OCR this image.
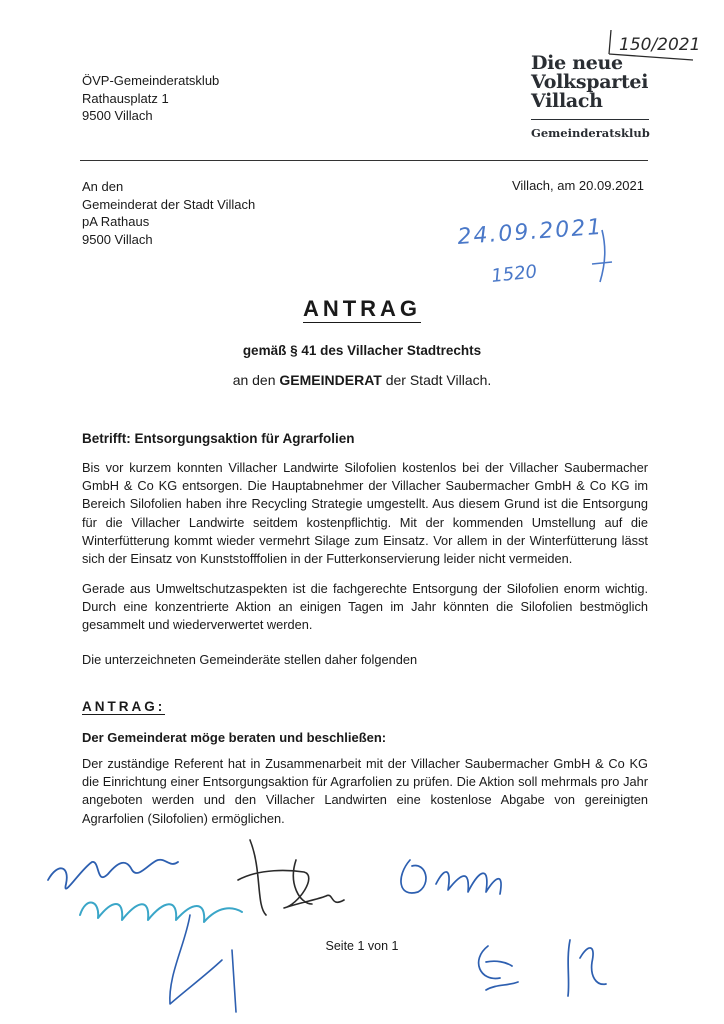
ÖVP-Gemeinderatsklub
Rathausplatz 1
9500 Villach
Die neue
Volkspartei
Villach
Gemeinderatsklub
An den
Gemeinderat der Stadt Villach
pA Rathaus
9500 Villach
Villach, am 20.09.2021
ANTRAG
gemäß § 41 des Villacher Stadtrechts
an den GEMEINDERAT der Stadt Villach.
Betrifft: Entsorgungsaktion für Agrarfolien
Bis vor kurzem konnten Villacher Landwirte Silofolien kostenlos bei der Villacher Saubermacher GmbH & Co KG entsorgen. Die Hauptabnehmer der Villacher Saubermacher GmbH & Co KG im Bereich Silofolien haben ihre Recycling Strategie umgestellt. Aus diesem Grund ist die Entsorgung für die Villacher Landwirte seitdem kostenpflichtig. Mit der kommenden Umstellung auf die Winterfütterung kommt wieder vermehrt Silage zum Einsatz. Vor allem in der Winterfütterung lässt sich der Einsatz von Kunststofffolien in der Futterkonservierung leider nicht vermeiden.
Gerade aus Umweltschutzaspekten ist die fachgerechte Entsorgung der Silofolien enorm wichtig. Durch eine konzentrierte Aktion an einigen Tagen im Jahr könnten die Silofolien bestmöglich gesammelt und wiederverwertet werden.
Die unterzeichneten Gemeinderäte stellen daher folgenden
ANTRAG:
Der Gemeinderat möge beraten und beschließen:
Der zuständige Referent hat in Zusammenarbeit mit der Villacher Saubermacher GmbH & Co KG die Einrichtung einer Entsorgungsaktion für Agrarfolien zu prüfen. Die Aktion soll mehrmals pro Jahr angeboten werden und den Villacher Landwirten eine kostenlose Abgabe von gereinigten Agrarfolien (Silofolien) ermöglichen.
Seite 1 von 1
150/2021
24.09.2021
1520
